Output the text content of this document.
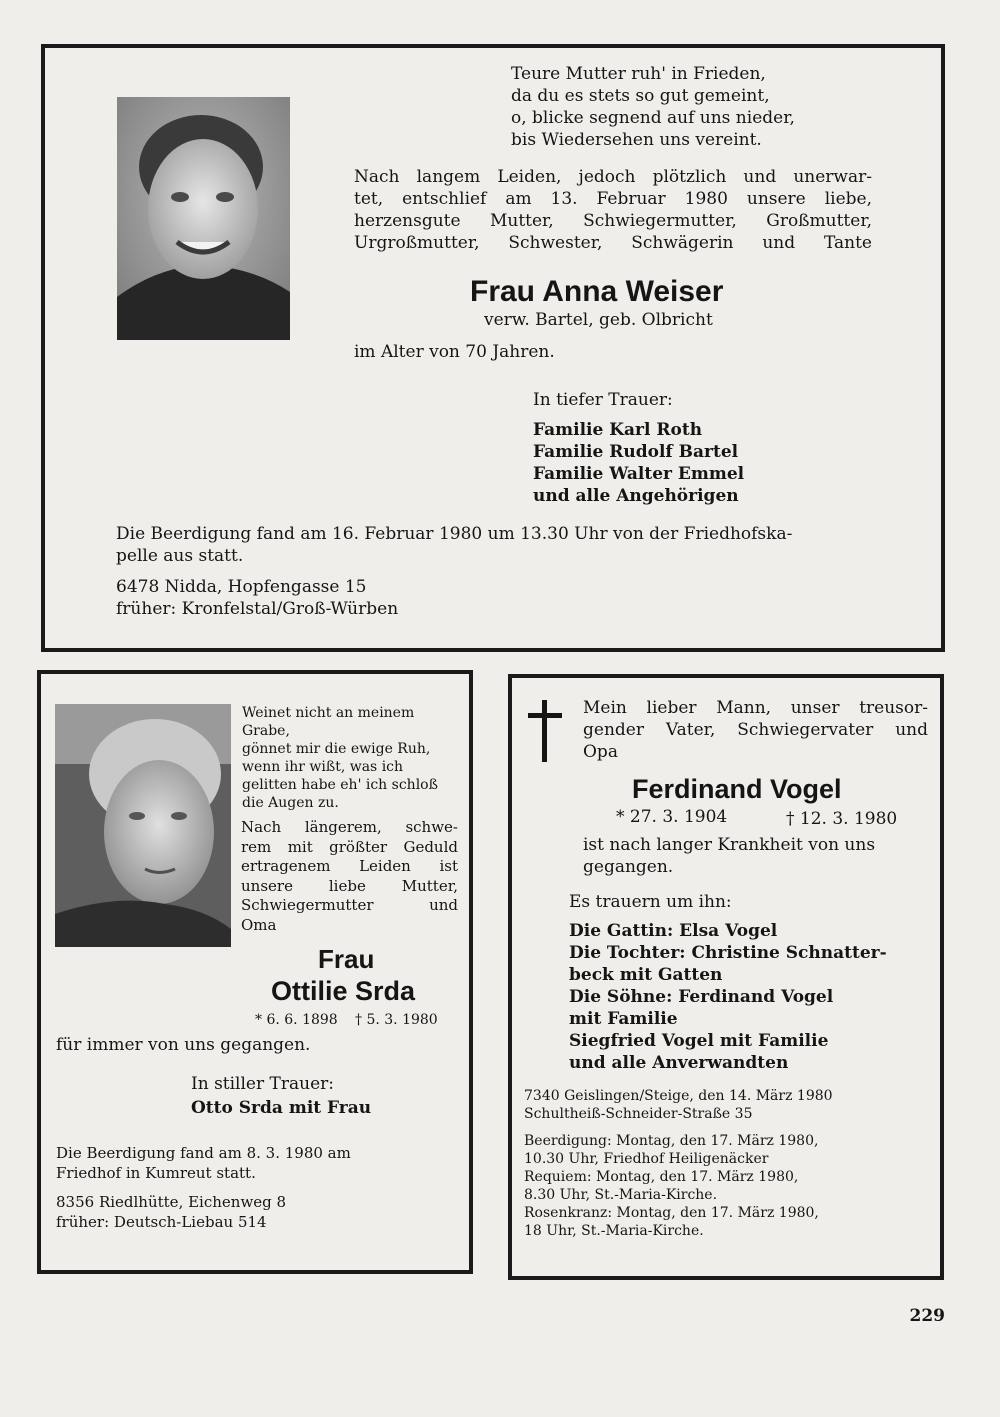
Teure Mutter ruh' in Frieden,
da du es stets so gut gemeint,
o, blicke segnend auf uns nieder,
bis Wiedersehen uns vereint.
Nach langem Leiden, jedoch plötzlich und unerwar-
tet, entschlief am 13. Februar 1980 unsere liebe,
herzensgute Mutter, Schwiegermutter, Großmutter,
Urgroßmutter, Schwester, Schwägerin und Tante
Frau Anna Weiser
verw. Bartel, geb. Olbricht
im Alter von 70 Jahren.
In tiefer Trauer:
Familie Karl Roth
Familie Rudolf Bartel
Familie Walter Emmel
und alle Angehörigen
Die Beerdigung fand am 16. Februar 1980 um 13.30 Uhr von der Friedhofska-
pelle aus statt.
6478 Nidda, Hopfengasse 15
früher: Kronfelstal/Groß-Würben
Weinet nicht an meinem
Grabe,
gönnet mir die ewige Ruh,
wenn ihr wißt, was ich
gelitten habe eh' ich schloß
die Augen zu.
Nach längerem, schwe-
rem mit größter Geduld
ertragenem Leiden ist
unsere liebe Mutter,
Schwiegermutter und
Oma
Frau
Ottilie Srda
* 6. 6. 1898 † 5. 3. 1980
für immer von uns gegangen.
In stiller Trauer:
Otto Srda mit Frau
Die Beerdigung fand am 8. 3. 1980 am
Friedhof in Kumreut statt.
8356 Riedlhütte, Eichenweg 8
früher: Deutsch-Liebau 514
Mein lieber Mann, unser treusor-
gender Vater, Schwiegervater und
Opa
Ferdinand Vogel
* 27. 3. 1904	† 12. 3. 1980
ist nach langer Krankheit von uns
gegangen.
Es trauern um ihn:
Die Gattin: Elsa Vogel
Die Tochter: Christine Schnatter-
beck mit Gatten
Die Söhne: Ferdinand Vogel
mit Familie
Siegfried Vogel mit Familie
und alle Anverwandten
7340 Geislingen/Steige, den 14. März 1980
Schultheiß-Schneider-Straße 35
Beerdigung: Montag, den 17. März 1980,
10.30 Uhr, Friedhof Heiligenäcker
Requiem: Montag, den 17. März 1980,
8.30 Uhr, St.-Maria-Kirche.
Rosenkranz: Montag, den 17. März 1980,
18 Uhr, St.-Maria-Kirche.
229
